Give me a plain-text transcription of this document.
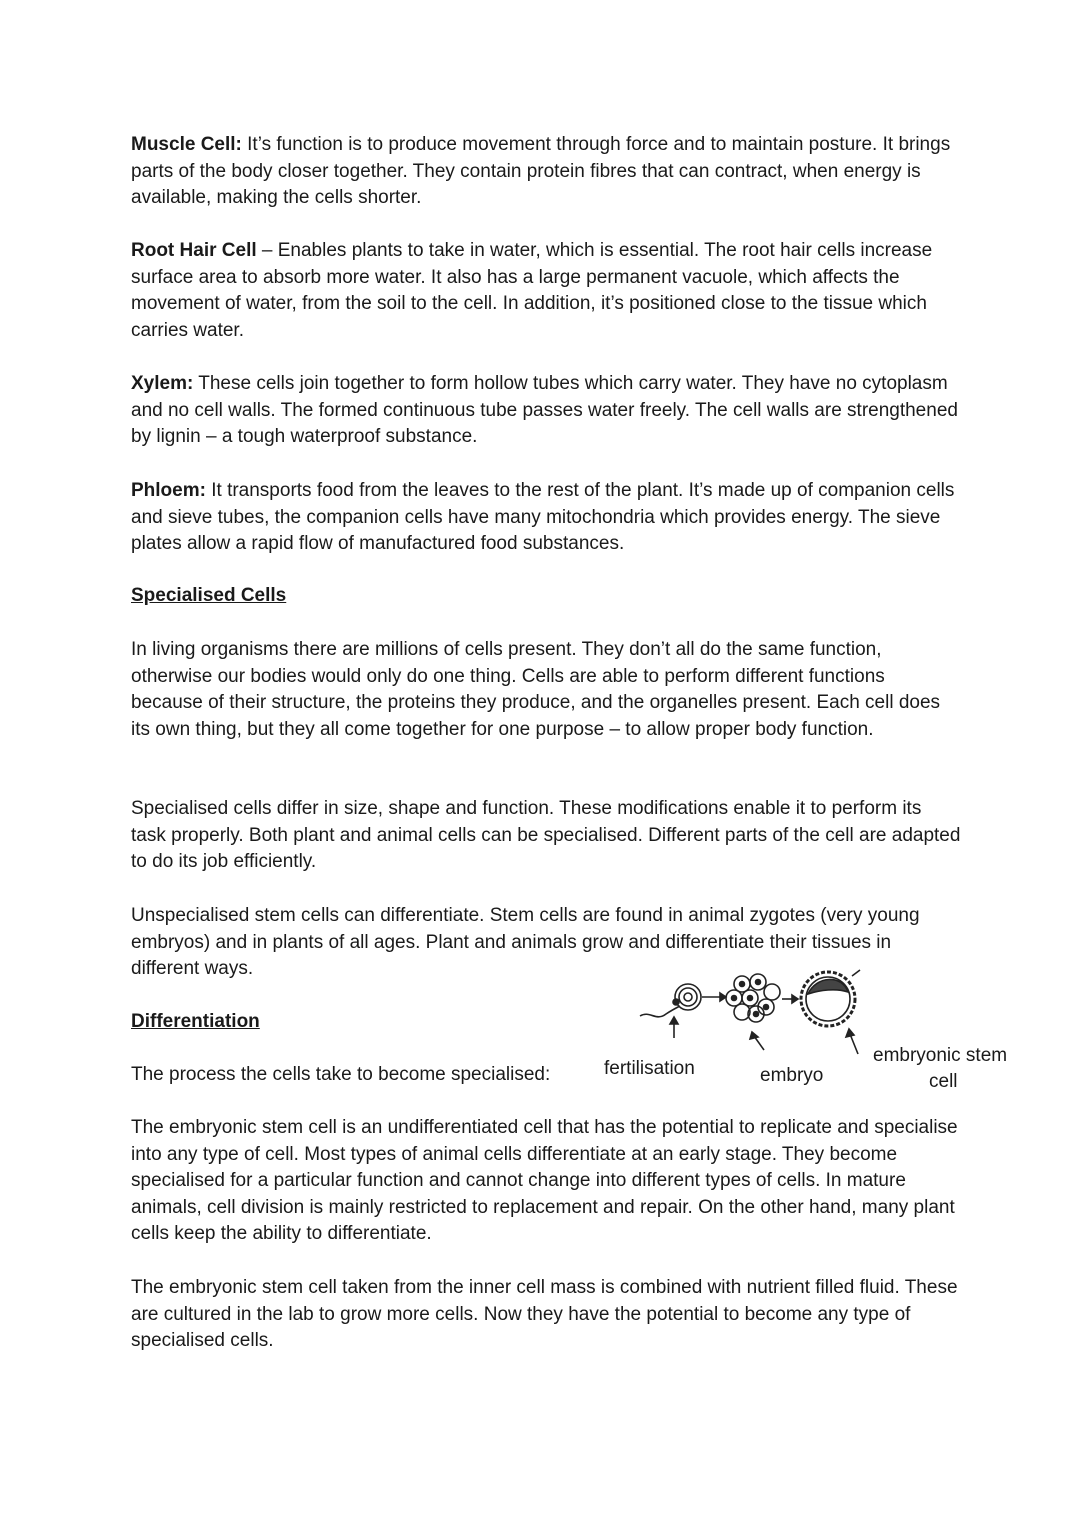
Muscle Cell: It’s function is to produce movement through force and to maintain posture. It brings parts of the body closer together. They contain protein fibres that can contract, when energy is available, making the cells shorter.

Root Hair Cell – Enables plants to take in water, which is essential. The root hair cells increase surface area to absorb more water. It also has a large permanent vacuole, which affects the movement of water, from the soil to the cell. In addition, it’s positioned close to the tissue which carries water.

Xylem: These cells join together to form hollow tubes which carry water. They have no cytoplasm and no cell walls. The formed continuous tube passes water freely. The cell walls are strengthened by lignin – a tough waterproof substance.

Phloem: It transports food from the leaves to the rest of the plant. It’s made up of companion cells and sieve tubes, the companion cells have many mitochondria which provides energy. The sieve plates allow a rapid flow of manufactured food substances.

Specialised Cells

In living organisms there are millions of cells present. They don’t all do the same function, otherwise our bodies would only do one thing. Cells are able to perform different functions because of their structure, the proteins they produce, and the organelles present. Each cell does its own thing, but they all come together for one purpose – to allow proper body function.

Specialised cells differ in size, shape and function. These modifications enable it to perform its task properly. Both plant and animal cells can be specialised. Different parts of the cell are adapted to do its job efficiently.

Unspecialised stem cells can differentiate. Stem cells are found in animal zygotes (very young embryos) and in plants of all ages. Plant and animals grow and differentiate their tissues in different ways.

Differentiation
The process the cells take to become specialised:	fertilisation	embryo
embryonic stem
cell

The embryonic stem cell is an undifferentiated cell that has the potential to replicate and specialise into any type of cell. Most types of animal cells differentiate at an early stage. They become specialised for a particular function and cannot change into different types of cells. In mature animals, cell division is mainly restricted to replacement and repair. On the other hand, many plant cells keep the ability to differentiate.

The embryonic stem cell taken from the inner cell mass is combined with nutrient filled fluid. These are cultured in the lab to grow more cells. Now they have the potential to become any type of specialised cells.
